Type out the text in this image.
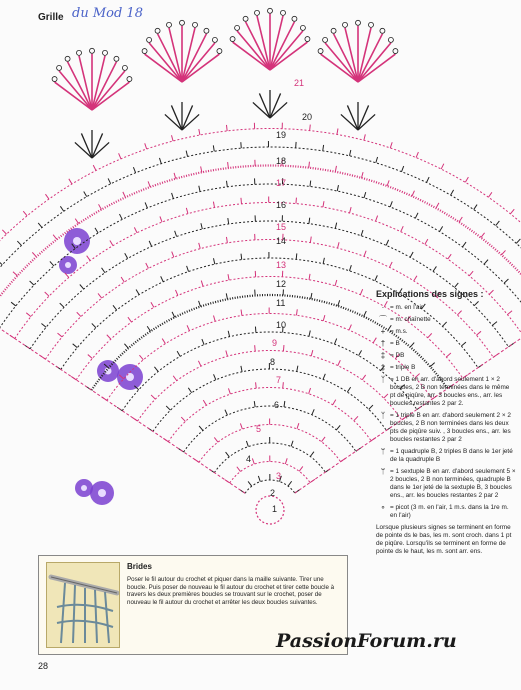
Grille du Mod 18
21
20
19
18
17
16
15
14
13
12
11
10
9
8
7
6
5
4
3
2
1
Explications des signes :
· = m. en l'air
⌒ = m. chaînette
+ = m.s.
† = B
‡ = DB
‡ = triple B
ᛉ = 1 DB en arr. d'abord seulement 1 × 2 boucles, 2 B non terminées dans le même pt de piqûre, arr. 3 boucles ens., arr. les boucles restantes 2 par 2.
ᛉ = 1 triple B en arr. d'abord seulement 2 × 2 boucles, 2 B non terminées dans les deux pts de piqûre suiv. , 3 boucles ens., arr. les boucles restantes 2 par 2
ᛘ = 1 quadruple B, 2 triples B dans le 1er jeté de la quadruple B
ᛘ = 1 sextuple B en arr. d'abord seulement 5 × 2 boucles, 2 B non terminées, quadruple B dans le 1er jeté de la sextuple B, 3 boucles ens., arr. les boucles restantes 2 par 2
∘ = picot (3 m. en l'air, 1 m.s. dans la 1re m. en l'air)
Lorsque plusieurs signes se terminent en forme de pointe ds le bas, les m. sont croch. dans 1 pt de piqûre. Lorsqu'ils se terminent en forme de pointe ds le haut, les m. sont arr. ens.
Brides
Poser le fil autour du crochet et piquer dans la maille suivante. Tirer une boucle. Puis poser de nouveau le fil autour du crochet et tirer cette boucle à travers les deux premières boucles se trouvant sur le crochet, poser de nouveau le fil autour du crochet et arrêter les deux boucles suivantes.
28
PassionForum.ru
